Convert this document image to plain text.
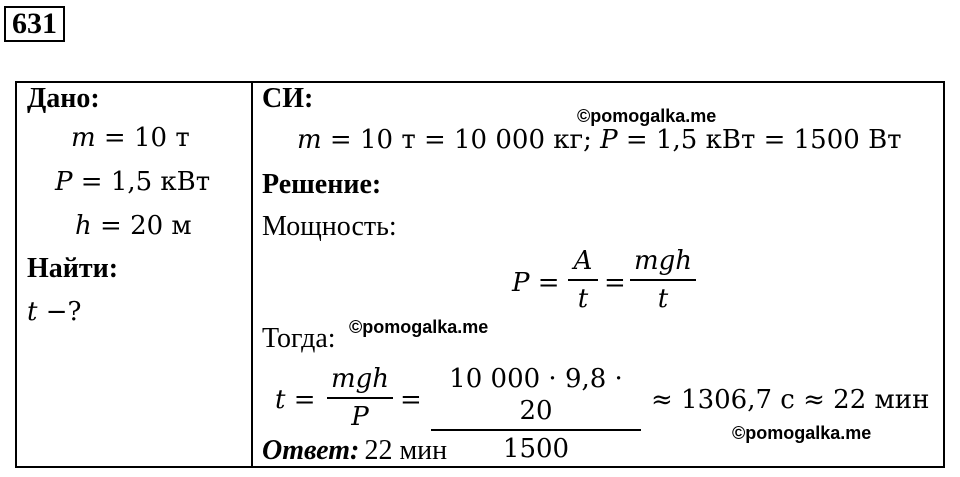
631
Дано:
m = 10 т
P = 1,5 кВт
h = 20 м
Найти:
t −?
СИ:
©pomogalka.me
m = 10 т = 10 000 кг; P = 1,5 кВт = 1500 Вт
Решение:
Мощность:
P =
A
t
=
mgh
t
Тогда: ©pomogalka.me
t =
mgh
P
=
10 000 · 9,8 · 20
1500
≈ 1306,7 с ≈ 22 мин
©pomogalka.me
Ответ: 22 мин
